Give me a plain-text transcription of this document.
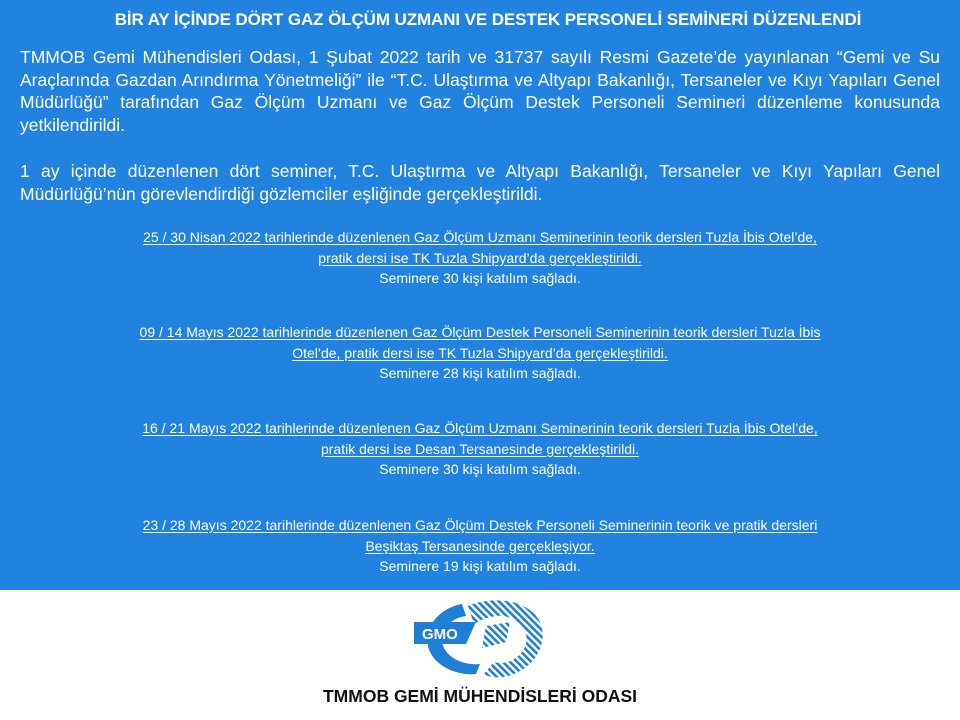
BİR AY İÇİNDE DÖRT GAZ ÖLÇÜM UZMANI VE DESTEK PERSONELİ SEMİNERİ DÜZENLENDİ
TMMOB Gemi Mühendisleri Odası, 1 Şubat 2022 tarih ve 31737 sayılı Resmi Gazete’de yayınlanan “Gemi ve Su Araçlarında Gazdan Arındırma Yönetmeliği” ile “T.C. Ulaştırma ve Altyapı Bakanlığı, Tersaneler ve Kıyı Yapıları Genel Müdürlüğü” tarafından Gaz Ölçüm Uzmanı ve Gaz Ölçüm Destek Personeli Semineri düzenleme konusunda yetkilendirildi.
1 ay içinde düzenlenen dört seminer, T.C. Ulaştırma ve Altyapı Bakanlığı, Tersaneler ve Kıyı Yapıları Genel Müdürlüğü’nün görevlendirdiği gözlemciler eşliğinde gerçekleştirildi.
25 / 30 Nisan 2022 tarihlerinde düzenlenen Gaz Ölçüm Uzmanı Seminerinin teorik dersleri Tuzla İbis Otel’de,
pratik dersi ise TK Tuzla Shipyard’da gerçekleştirildi.
Seminere 30 kişi katılım sağladı.
09 / 14 Mayıs 2022 tarihlerinde düzenlenen Gaz Ölçüm Destek Personeli Seminerinin teorik dersleri Tuzla İbis
Otel’de, pratik dersi ise TK Tuzla Shipyard’da gerçekleştirildi.
Seminere 28 kişi katılım sağladı.
16 / 21 Mayıs 2022 tarihlerinde düzenlenen Gaz Ölçüm Uzmanı Seminerinin teorik dersleri Tuzla İbis Otel’de,
pratik dersi ise Desan Tersanesinde gerçekleştirildi.
Seminere 30 kişi katılım sağladı.
23 / 28 Mayıs 2022 tarihlerinde düzenlenen Gaz Ölçüm Destek Personeli Seminerinin teorik ve pratik dersleri
Beşiktaş Tersanesinde gerçekleşiyor.
Seminere 19 kişi katılım sağladı.
GMO
TMMOB GEMİ MÜHENDİSLERİ ODASI
